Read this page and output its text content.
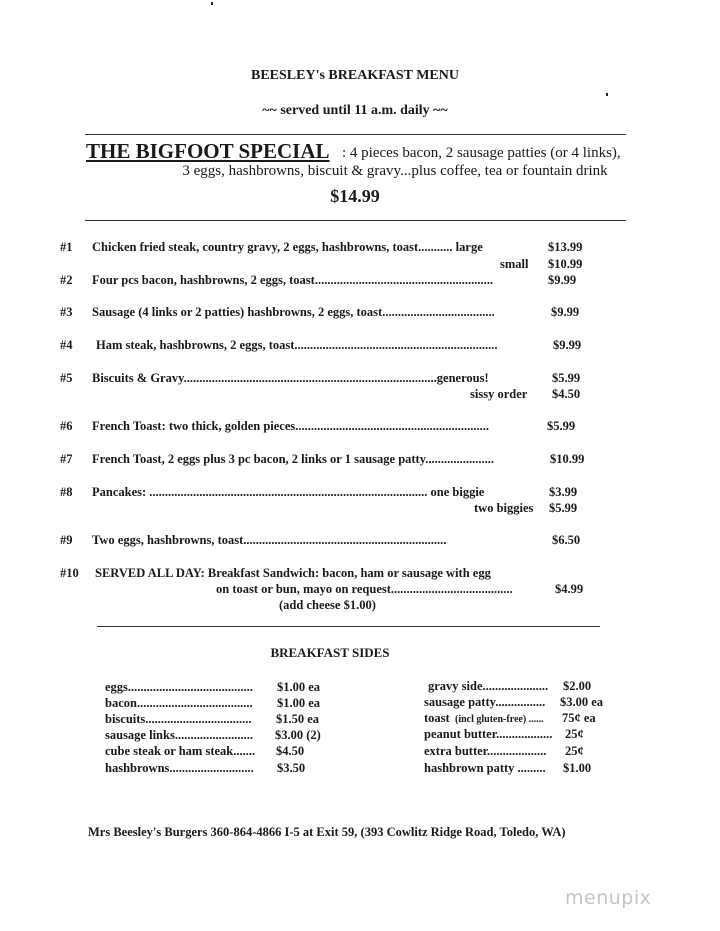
BEESLEY's BREAKFAST MENU
~~ served until 11 a.m. daily ~~
THE BIGFOOT SPECIAL : 4 pieces bacon, 2 sausage patties (or 4 links),
3 eggs, hashbrowns, biscuit & gravy...plus coffee, tea or fountain drink
$14.99
#1 Chicken fried steak, country gravy, 2 eggs, hashbrowns, toast........... large	$13.99
small $10.99
#2 Four pcs bacon, hashbrowns, 2 eggs, toast.........................................................	$9.99
#3 Sausage (4 links or 2 patties) hashbrowns, 2 eggs, toast....................................	$9.99
#4 Ham steak, hashbrowns, 2 eggs, toast.................................................................	$9.99
#5 Biscuits & Gravy.................................................................................generous!	$5.99
sissy order $4.50
#6 French Toast: two thick, golden pieces..............................................................	$5.99
#7 French Toast, 2 eggs plus 3 pc bacon, 2 links or 1 sausage patty......................	$10.99
#8 Pancakes: ......................................................................................... one biggie	$3.99
two biggies $5.99
#9 Two eggs, hashbrowns, toast.................................................................	$6.50
#10 SERVED ALL DAY: Breakfast Sandwich: bacon, ham or sausage with egg
on toast or bun, mayo on request.......................................	$4.99
(add cheese $1.00)
BREAKFAST SIDES
eggs........................................ $1.00 ea
bacon..................................... $1.00 ea
biscuits.................................. $1.50 ea
sausage links......................... $3.00 (2)
cube steak or ham steak....... $4.50
hashbrowns........................... $3.50
gravy side..................... $2.00
sausage patty................ $3.00 ea
toast (incl gluten-free) ...... 75¢ ea
peanut butter.................. 25¢
extra butter................... 25¢
hashbrown patty ......... $1.00
Mrs Beesley's Burgers 360-864-4866 I-5 at Exit 59, (393 Cowlitz Ridge Road, Toledo, WA)
menupix
